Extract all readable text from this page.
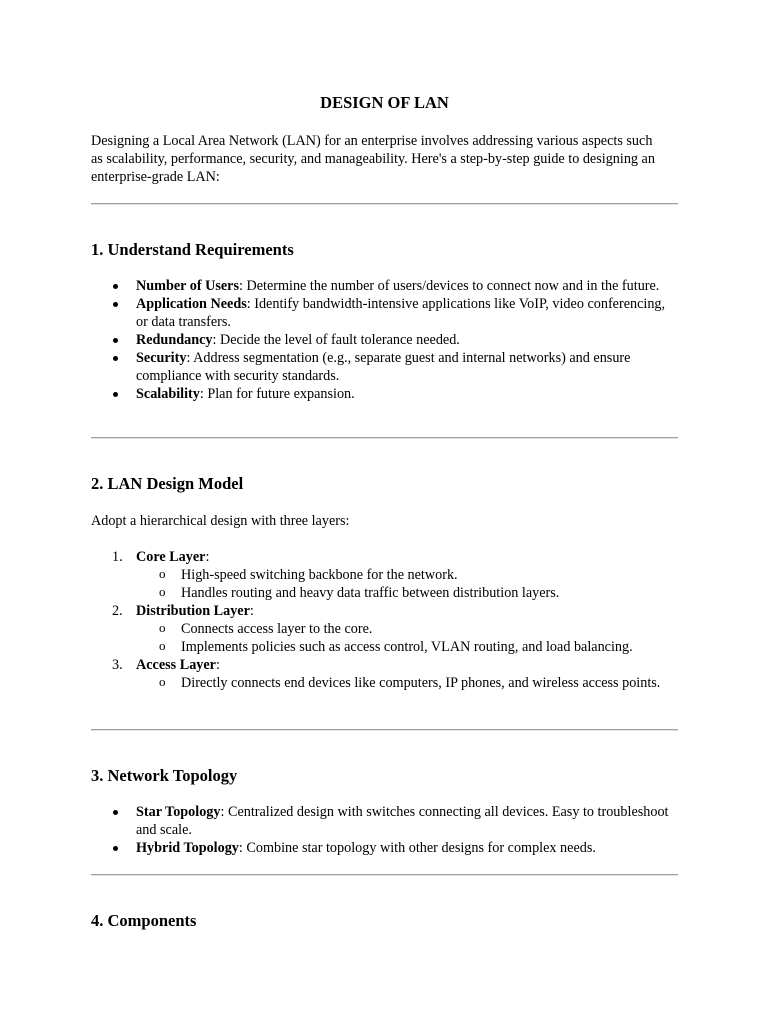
DESIGN OF LAN

Designing a Local Area Network (LAN) for an enterprise involves addressing various aspects such as scalability, performance, security, and manageability. Here's a step-by-step guide to designing an enterprise-grade LAN:

1. Understand Requirements
Number of Users: Determine the number of users/devices to connect now and in the future.
Application Needs: Identify bandwidth-intensive applications like VoIP, video conferencing, or data transfers.
Redundancy: Decide the level of fault tolerance needed.
Security: Address segmentation (e.g., separate guest and internal networks) and ensure compliance with security standards.
Scalability: Plan for future expansion.
2. LAN Design Model

Adopt a hierarchical design with three layers:

1. Core Layer:
o High-speed switching backbone for the network.
o Handles routing and heavy data traffic between distribution layers.
2. Distribution Layer:
o Connects access layer to the core.
o Implements policies such as access control, VLAN routing, and load balancing.
3. Access Layer:
o Directly connects end devices like computers, IP phones, and wireless access points.
3. Network Topology
Star Topology: Centralized design with switches connecting all devices. Easy to troubleshoot and scale.
Hybrid Topology: Combine star topology with other designs for complex needs.
4. Components
